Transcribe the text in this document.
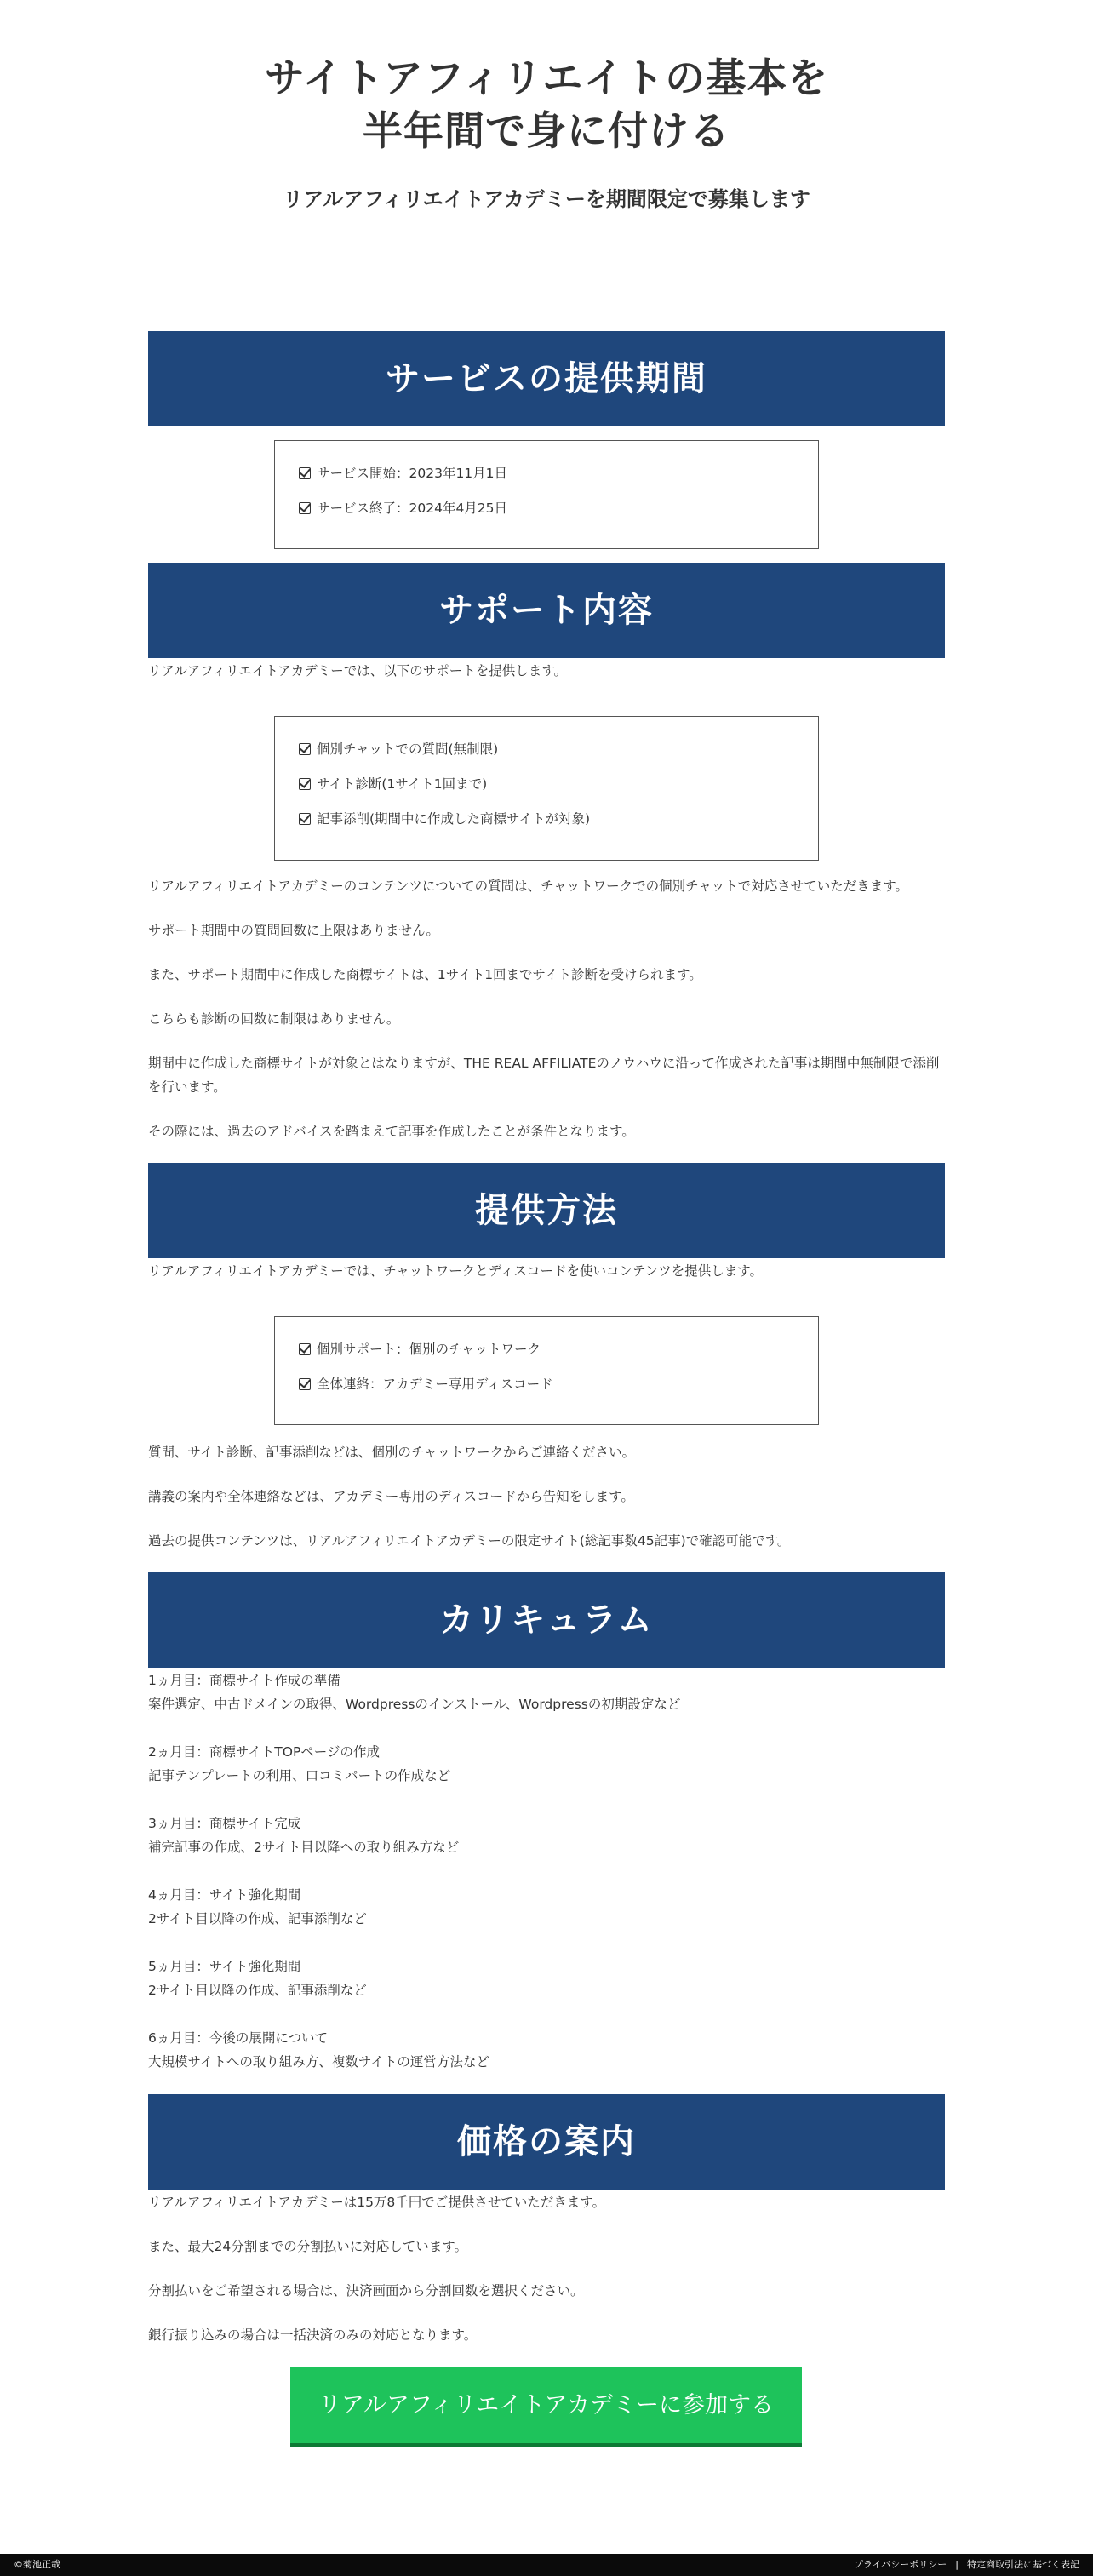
サイトアフィリエイトの基本を
半年間で身に付ける
リアルアフィリエイトアカデミーを期間限定で募集します
サービスの提供期間
サービス開始：2023年11月1日
サービス終了：2024年4月25日
サポート内容
リアルアフィリエイトアカデミーでは、以下のサポートを提供します。
個別チャットでの質問(無制限)
サイト診断(1サイト1回まで)
記事添削(期間中に作成した商標サイトが対象)
リアルアフィリエイトアカデミーのコンテンツについての質問は、チャットワークでの個別チャットで対応させていただきます。
サポート期間中の質問回数に上限はありません。
また、サポート期間中に作成した商標サイトは、1サイト1回までサイト診断を受けられます。
こちらも診断の回数に制限はありません。
期間中に作成した商標サイトが対象とはなりますが、THE REAL AFFILIATEのノウハウに沿って作成された記事は期間中無制限で添削を行います。
その際には、過去のアドバイスを踏まえて記事を作成したことが条件となります。
提供方法
リアルアフィリエイトアカデミーでは、チャットワークとディスコードを使いコンテンツを提供します。
個別サポート：個別のチャットワーク
全体連絡：アカデミー専用ディスコード
質問、サイト診断、記事添削などは、個別のチャットワークからご連絡ください。
講義の案内や全体連絡などは、アカデミー専用のディスコードから告知をします。
過去の提供コンテンツは、リアルアフィリエイトアカデミーの限定サイト(総記事数45記事)で確認可能です。
カリキュラム
1ヵ月目：商標サイト作成の準備
案件選定、中古ドメインの取得、Wordpressのインストール、Wordpressの初期設定など
2ヵ月目：商標サイトTOPページの作成
記事テンプレートの利用、口コミパートの作成など
3ヵ月目：商標サイト完成
補完記事の作成、2サイト目以降への取り組み方など
4ヵ月目：サイト強化期間
2サイト目以降の作成、記事添削など
5ヵ月目：サイト強化期間
2サイト目以降の作成、記事添削など
6ヵ月目：今後の展開について
大規模サイトへの取り組み方、複数サイトの運営方法など
価格の案内
リアルアフィリエイトアカデミーは15万8千円でご提供させていただきます。
また、最大24分割までの分割払いに対応しています。
分割払いをご希望される場合は、決済画面から分割回数を選択ください。
銀行振り込みの場合は一括決済のみの対応となります。
リアルアフィリエイトアカデミーに参加する
©菊池正哉	プライバシーポリシー | 特定商取引法に基づく表記
